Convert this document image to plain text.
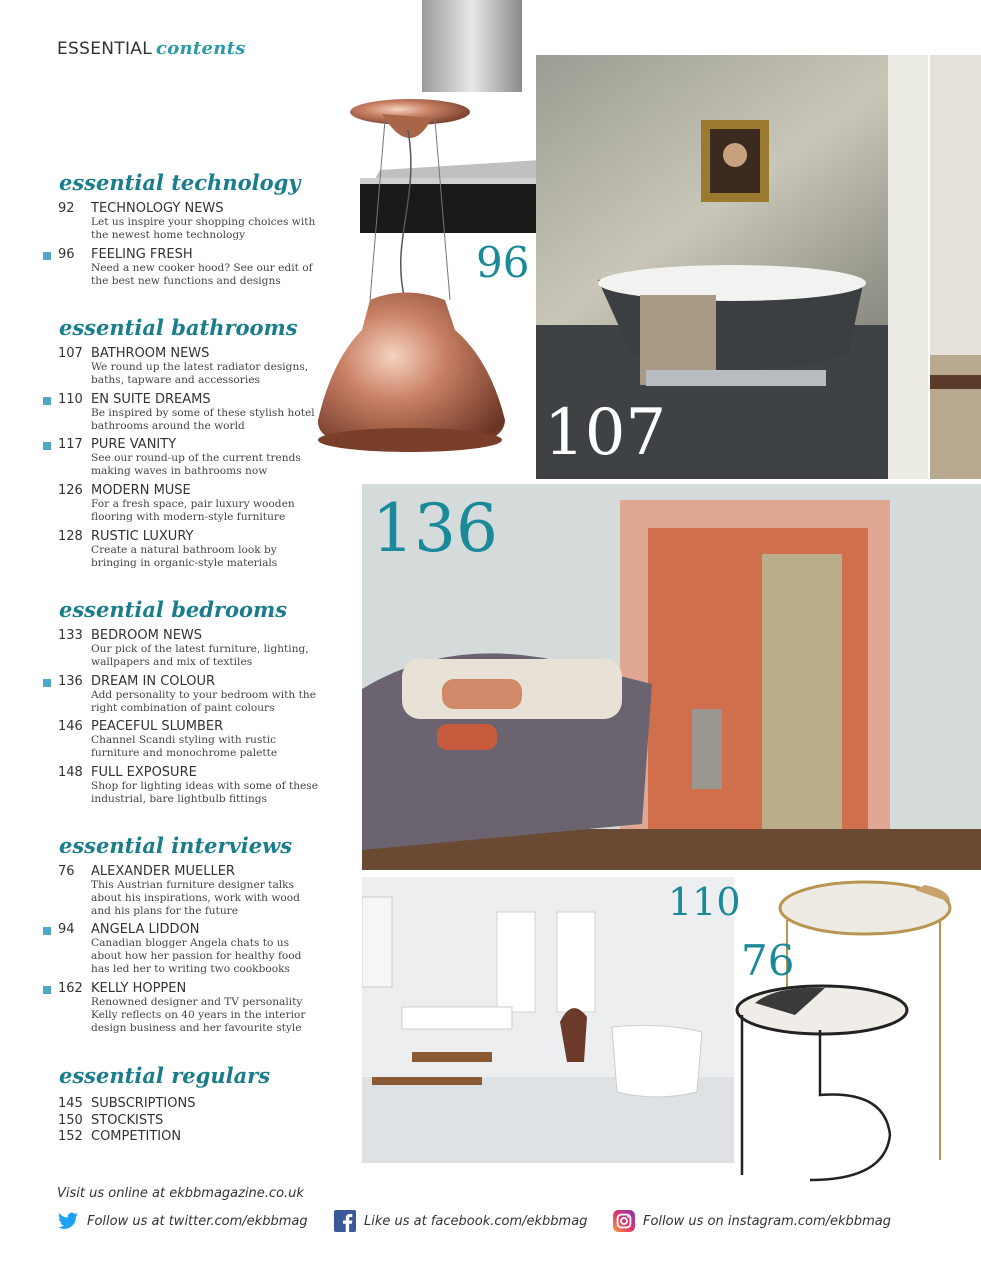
ESSENTIAL contents
96
107
136
110
76
essential technology
92 TECHNOLOGY NEWS
Let us inspire your shopping choices with the newest home technology
96 FEELING FRESH
Need a new cooker hood? See our edit of the best new functions and designs
essential bathrooms
107 BATHROOM NEWS
We round up the latest radiator designs, baths, tapware and accessories
110 EN SUITE DREAMS
Be inspired by some of these stylish hotel bathrooms around the world
117 PURE VANITY
See our round-up of the current trends making waves in bathrooms now
126 MODERN MUSE
For a fresh space, pair luxury wooden flooring with modern-style furniture
128 RUSTIC LUXURY
Create a natural bathroom look by bringing in organic-style materials
essential bedrooms
133 BEDROOM NEWS
Our pick of the latest furniture, lighting, wallpapers and mix of textiles
136 DREAM IN COLOUR
Add personality to your bedroom with the right combination of paint colours
146 PEACEFUL SLUMBER
Channel Scandi styling with rustic furniture and monochrome palette
148 FULL EXPOSURE
Shop for lighting ideas with some of these industrial, bare lightbulb fittings
essential interviews
76 ALEXANDER MUELLER
This Austrian furniture designer talks about his inspirations, work with wood and his plans for the future
94 ANGELA LIDDON
Canadian blogger Angela chats to us about how her passion for healthy food has led her to writing two cookbooks
162 KELLY HOPPEN
Renowned designer and TV personality Kelly reflects on 40 years in the interior design business and her favourite style
essential regulars
145 SUBSCRIPTIONS
150 STOCKISTS
152 COMPETITION
Visit us online at ekbbmagazine.co.uk
Follow us at twitter.com/ekbbmag	Like us at facebook.com/ekbbmag	Follow us on instagram.com/ekbbmag
